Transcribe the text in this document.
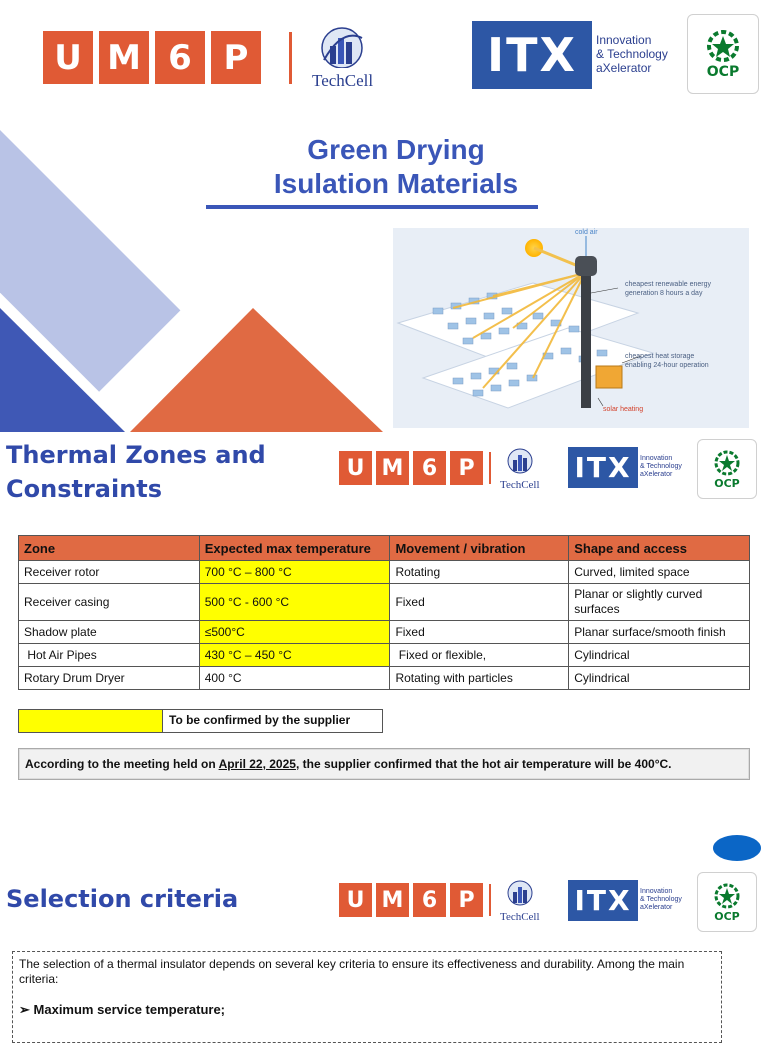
U M 6 P
TechCell	ITX	Innovation
& Technology
aXelerator	OCP
Green Drying
Isulation Materials
cold air
cheapest renewable energy
generation 8 hours a day
cheapest heat storage
enabling 24-hour operation
solar heating
Thermal Zones and
Constraints
U M 6 P
TechCell
ITX	Innovation
& Technology
aXelerator
OCP
Zone	Expected max temperature	Movement / vibration	Shape and access
Receiver rotor	700 °C – 800 °C	Rotating	Curved, limited space
Receiver casing	500 °C - 600 °C	Fixed	Planar or slightly curved surfaces
Shadow plate	≤500°C	Fixed	Planar surface/smooth finish
Hot Air Pipes	430 °C – 450 °C	Fixed or flexible,	Cylindrical
Rotary Drum Dryer	400 °C	Rotating with particles	Cylindrical
To be confirmed by the supplier
According to the meeting held on April 22, 2025, the supplier confirmed that the hot air temperature will be 400°C.
Selection criteria	U M 6 P
TechCell	ITX	Innovation
& Technology
aXelerator
OCP
The selection of a thermal insulator depends on several key criteria to ensure its effectiveness and durability. Among the main criteria:
➢ Maximum service temperature;
